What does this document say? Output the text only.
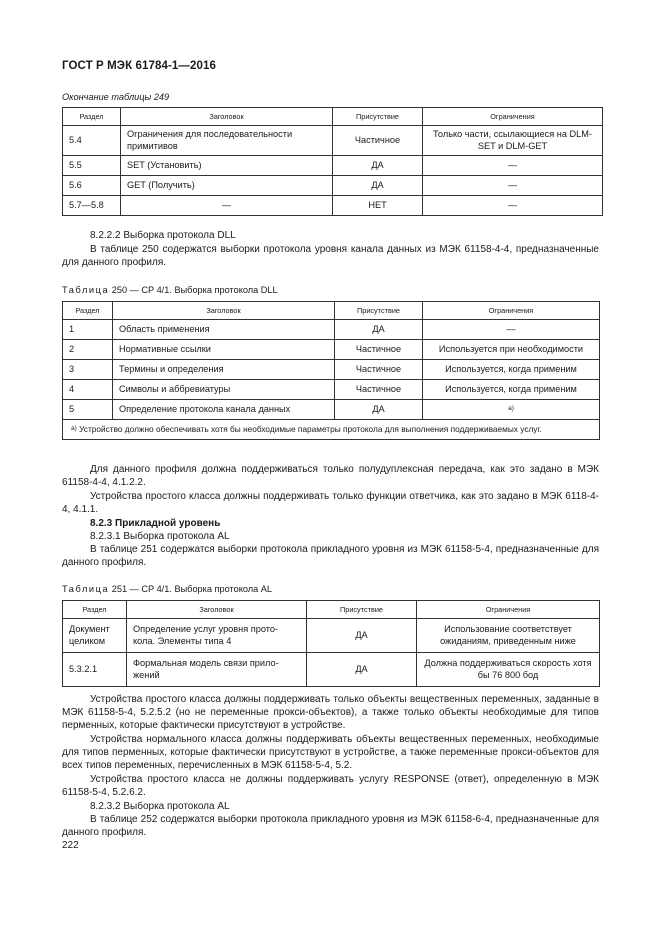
ГОСТ Р МЭК 61784-1—2016
Окончание таблицы 249
Раздел	Заголовок	Присутствие	Ограничения
5.4	Ограничения для последовательности примитивов	Частичное	Только части, ссылающиеся на DLM-SET и DLM-GET
5.5	SET (Установить)	ДА	—
5.6	GET (Получить)	ДА	—
5.7—5.8	—	НЕТ	—
8.2.2.2 Выборка протокола DLL
В таблице 250 содержатся выборки протокола уровня канала данных из МЭК 61158-4-4, предназначенные для данного профиля.
Таблица 250 — CP 4/1. Выборка протокола DLL
Раздел	Заголовок	Присутствие	Ограничения
1	Область применения	ДА	—
2	Нормативные ссылки	Частичное	Используется при необходимости
3	Термины и определения	Частичное	Используется, когда применим
4	Символы и аббревиатуры	Частичное	Используется, когда применим
5	Определение протокола канала данных	ДА	$^{a)}$
$^{a)}$ Устройство должно обеспечивать хотя бы необходимые параметры протокола для выполнения поддерживаемых услуг.			
Для данного профиля должна поддерживаться только полудуплексная передача, как это задано в МЭК 61158-4-4, 4.1.2.2.
Устройства простого класса должны поддерживать только функции ответчика, как это задано в МЭК 6118-4-4, 4.1.1.
8.2.3 Прикладной уровень
8.2.3.1 Выборка протокола AL
В таблице 251 содержатся выборки протокола прикладного уровня из МЭК 61158-5-4, предназначенные для данного профиля.
Таблица 251 — CP 4/1. Выборка протокола AL
Раздел	Заголовок	Присутствие	Ограничения
Документ целиком	Определение услуг уровня прото-кола. Элементы типа 4	ДА	Использование соответствует ожиданиям, приведенным ниже
5.3.2.1	Формальная модель связи прило-жений	ДА	Должна поддерживаться скорость хотя бы 76 800 бод
Устройства простого класса должны поддерживать только объекты вещественных переменных, заданные в МЭК 61158-5-4, 5.2.5.2 (но не переменные прокси-объектов), а также только объекты необходимые для типов перменных, которые фактически присутствуют в устройстве.
Устройства нормального класса должны поддерживать объекты вещественных переменных, необходимые для типов перменных, которые фактически присутствуют в устройстве, а также переменные прокси-объектов для всех типов переменных, перечисленных в МЭК 61158-5-4, 5.2.
Устройства простого класса не должны поддерживать услугу RESPONSE (ответ), определенную в МЭК 61158-5-4, 5.2.6.2.
8.2.3.2 Выборка протокола AL
В таблице 252 содержатся выборки протокола прикладного уровня из МЭК 61158-6-4, предназначенные для данного профиля.
222
